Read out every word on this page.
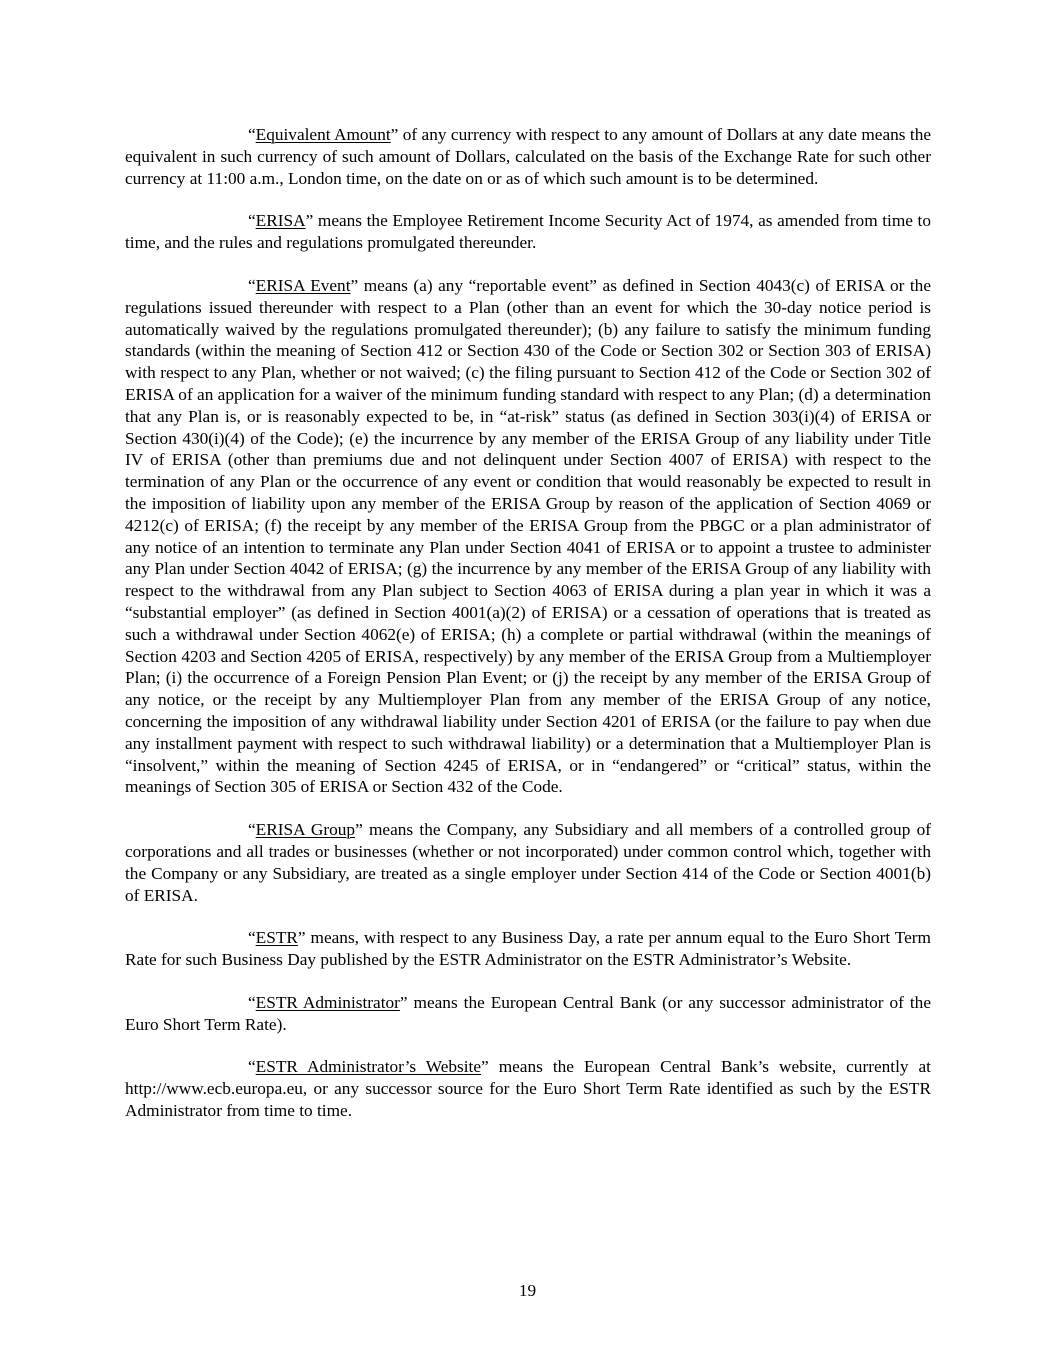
“Equivalent Amount” of any currency with respect to any amount of Dollars at any date means the equivalent in such currency of such amount of Dollars, calculated on the basis of the Exchange Rate for such other currency at 11:00 a.m., London time, on the date on or as of which such amount is to be determined.

“ERISA” means the Employee Retirement Income Security Act of 1974, as amended from time to time, and the rules and regulations promulgated thereunder.

“ERISA Event” means (a) any “reportable event” as defined in Section 4043(c) of ERISA or the regulations issued thereunder with respect to a Plan (other than an event for which the 30-day notice period is automatically waived by the regulations promulgated thereunder); (b) any failure to satisfy the minimum funding standards (within the meaning of Section 412 or Section 430 of the Code or Section 302 or Section 303 of ERISA) with respect to any Plan, whether or not waived; (c) the filing pursuant to Section 412 of the Code or Section 302 of ERISA of an application for a waiver of the minimum funding standard with respect to any Plan; (d) a determination that any Plan is, or is reasonably expected to be, in “at-risk” status (as defined in Section 303(i)(4) of ERISA or Section 430(i)(4) of the Code); (e) the incurrence by any member of the ERISA Group of any liability under Title IV of ERISA (other than premiums due and not delinquent under Section 4007 of ERISA) with respect to the termination of any Plan or the occurrence of any event or condition that would reasonably be expected to result in the imposition of liability upon any member of the ERISA Group by reason of the application of Section 4069 or 4212(c) of ERISA; (f) the receipt by any member of the ERISA Group from the PBGC or a plan administrator of any notice of an intention to terminate any Plan under Section 4041 of ERISA or to appoint a trustee to administer any Plan under Section 4042 of ERISA; (g) the incurrence by any member of the ERISA Group of any liability with respect to the withdrawal from any Plan subject to Section 4063 of ERISA during a plan year in which it was a “substantial employer” (as defined in Section 4001(a)(2) of ERISA) or a cessation of operations that is treated as such a withdrawal under Section 4062(e) of ERISA; (h) a complete or partial withdrawal (within the meanings of Section 4203 and Section 4205 of ERISA, respectively) by any member of the ERISA Group from a Multiemployer Plan; (i) the occurrence of a Foreign Pension Plan Event; or (j) the receipt by any member of the ERISA Group of any notice, or the receipt by any Multiemployer Plan from any member of the ERISA Group of any notice, concerning the imposition of any withdrawal liability under Section 4201 of ERISA (or the failure to pay when due any installment payment with respect to such withdrawal liability) or a determination that a Multiemployer Plan is “insolvent,” within the meaning of Section 4245 of ERISA, or in “endangered” or “critical” status, within the meanings of Section 305 of ERISA or Section 432 of the Code.

“ERISA Group” means the Company, any Subsidiary and all members of a controlled group of corporations and all trades or businesses (whether or not incorporated) under common control which, together with the Company or any Subsidiary, are treated as a single employer under Section 414 of the Code or Section 4001(b) of ERISA.

“ESTR” means, with respect to any Business Day, a rate per annum equal to the Euro Short Term Rate for such Business Day published by the ESTR Administrator on the ESTR Administrator’s Website.

“ESTR Administrator” means the European Central Bank (or any successor administrator of the Euro Short Term Rate).

“ESTR Administrator’s Website” means the European Central Bank’s website, currently at http://www.ecb.europa.eu, or any successor source for the Euro Short Term Rate identified as such by the ESTR Administrator from time to time.

19
